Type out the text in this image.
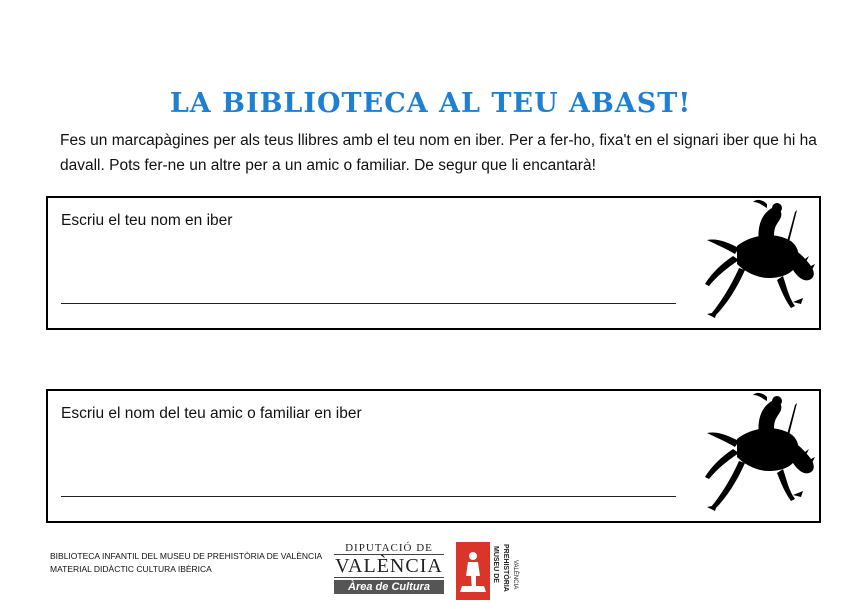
LA BIBLIOTECA AL TEU ABAST!
Fes un marcapàgines per als teus llibres amb el teu nom en iber. Per a fer-ho, fixa't en el signari iber que hi ha
davall. Pots fer-ne un altre per a un amic o familiar. De segur que li encantarà!
Escriu el teu nom en iber
Escriu el nom del teu amic o familiar en iber
BIBLIOTECA INFANTIL DEL MUSEU DE PREHISTÒRIA DE VALÈNCIA
MATERIAL DIDÀCTIC CULTURA IBÈRICA
DIPUTACIÓ DE
VALÈNCIA
Àrea de Cultura
MUSEU DE PREHISTÒRIA VALÈNCIA
